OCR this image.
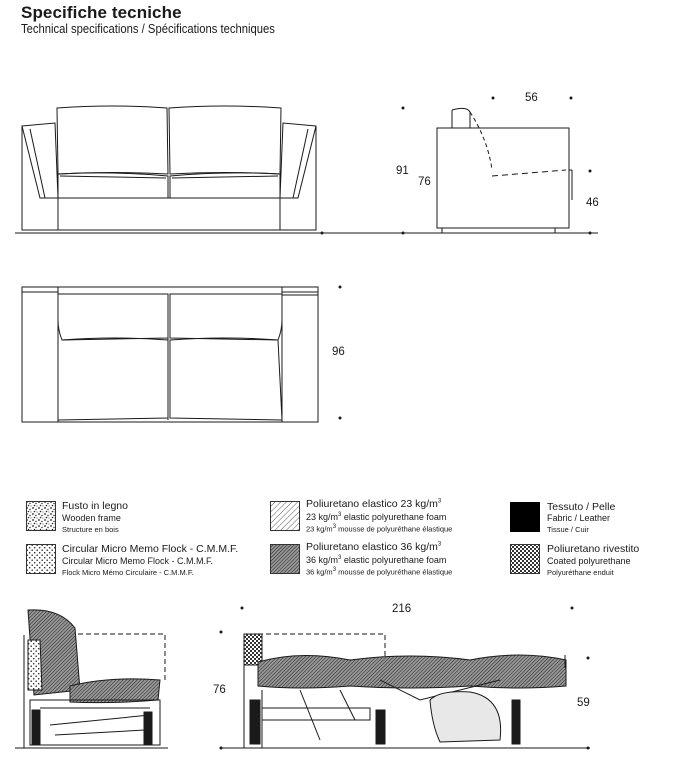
Specifiche tecniche
Technical specifications / Spécifications techniques
56
91
76
46
96
216
76
59
Fusto in legno
Wooden frame
Structure en bois
Poliuretano elastico 23 $kg/m^3$
23 $kg/m^3$ elastic polyurethane foam
23 $kg/m^3$ mousse de polyuréthane élastique
Tessuto / Pelle
Fabric / Leather
Tissue / Cuir
Circular Micro Memo Flock - C.M.M.F.
Circular Micro Memo Flock - C.M.M.F.
Flock Micro Mémo Circulaire - C.M.M.F.
Poliuretano elastico 36 $kg/m^3$
36 $kg/m^3$ elastic polyurethane foam
36 $kg/m^3$ mousse de polyuréthane élastique
Poliuretano rivestito
Coated polyurethane
Polyuréthane enduit
